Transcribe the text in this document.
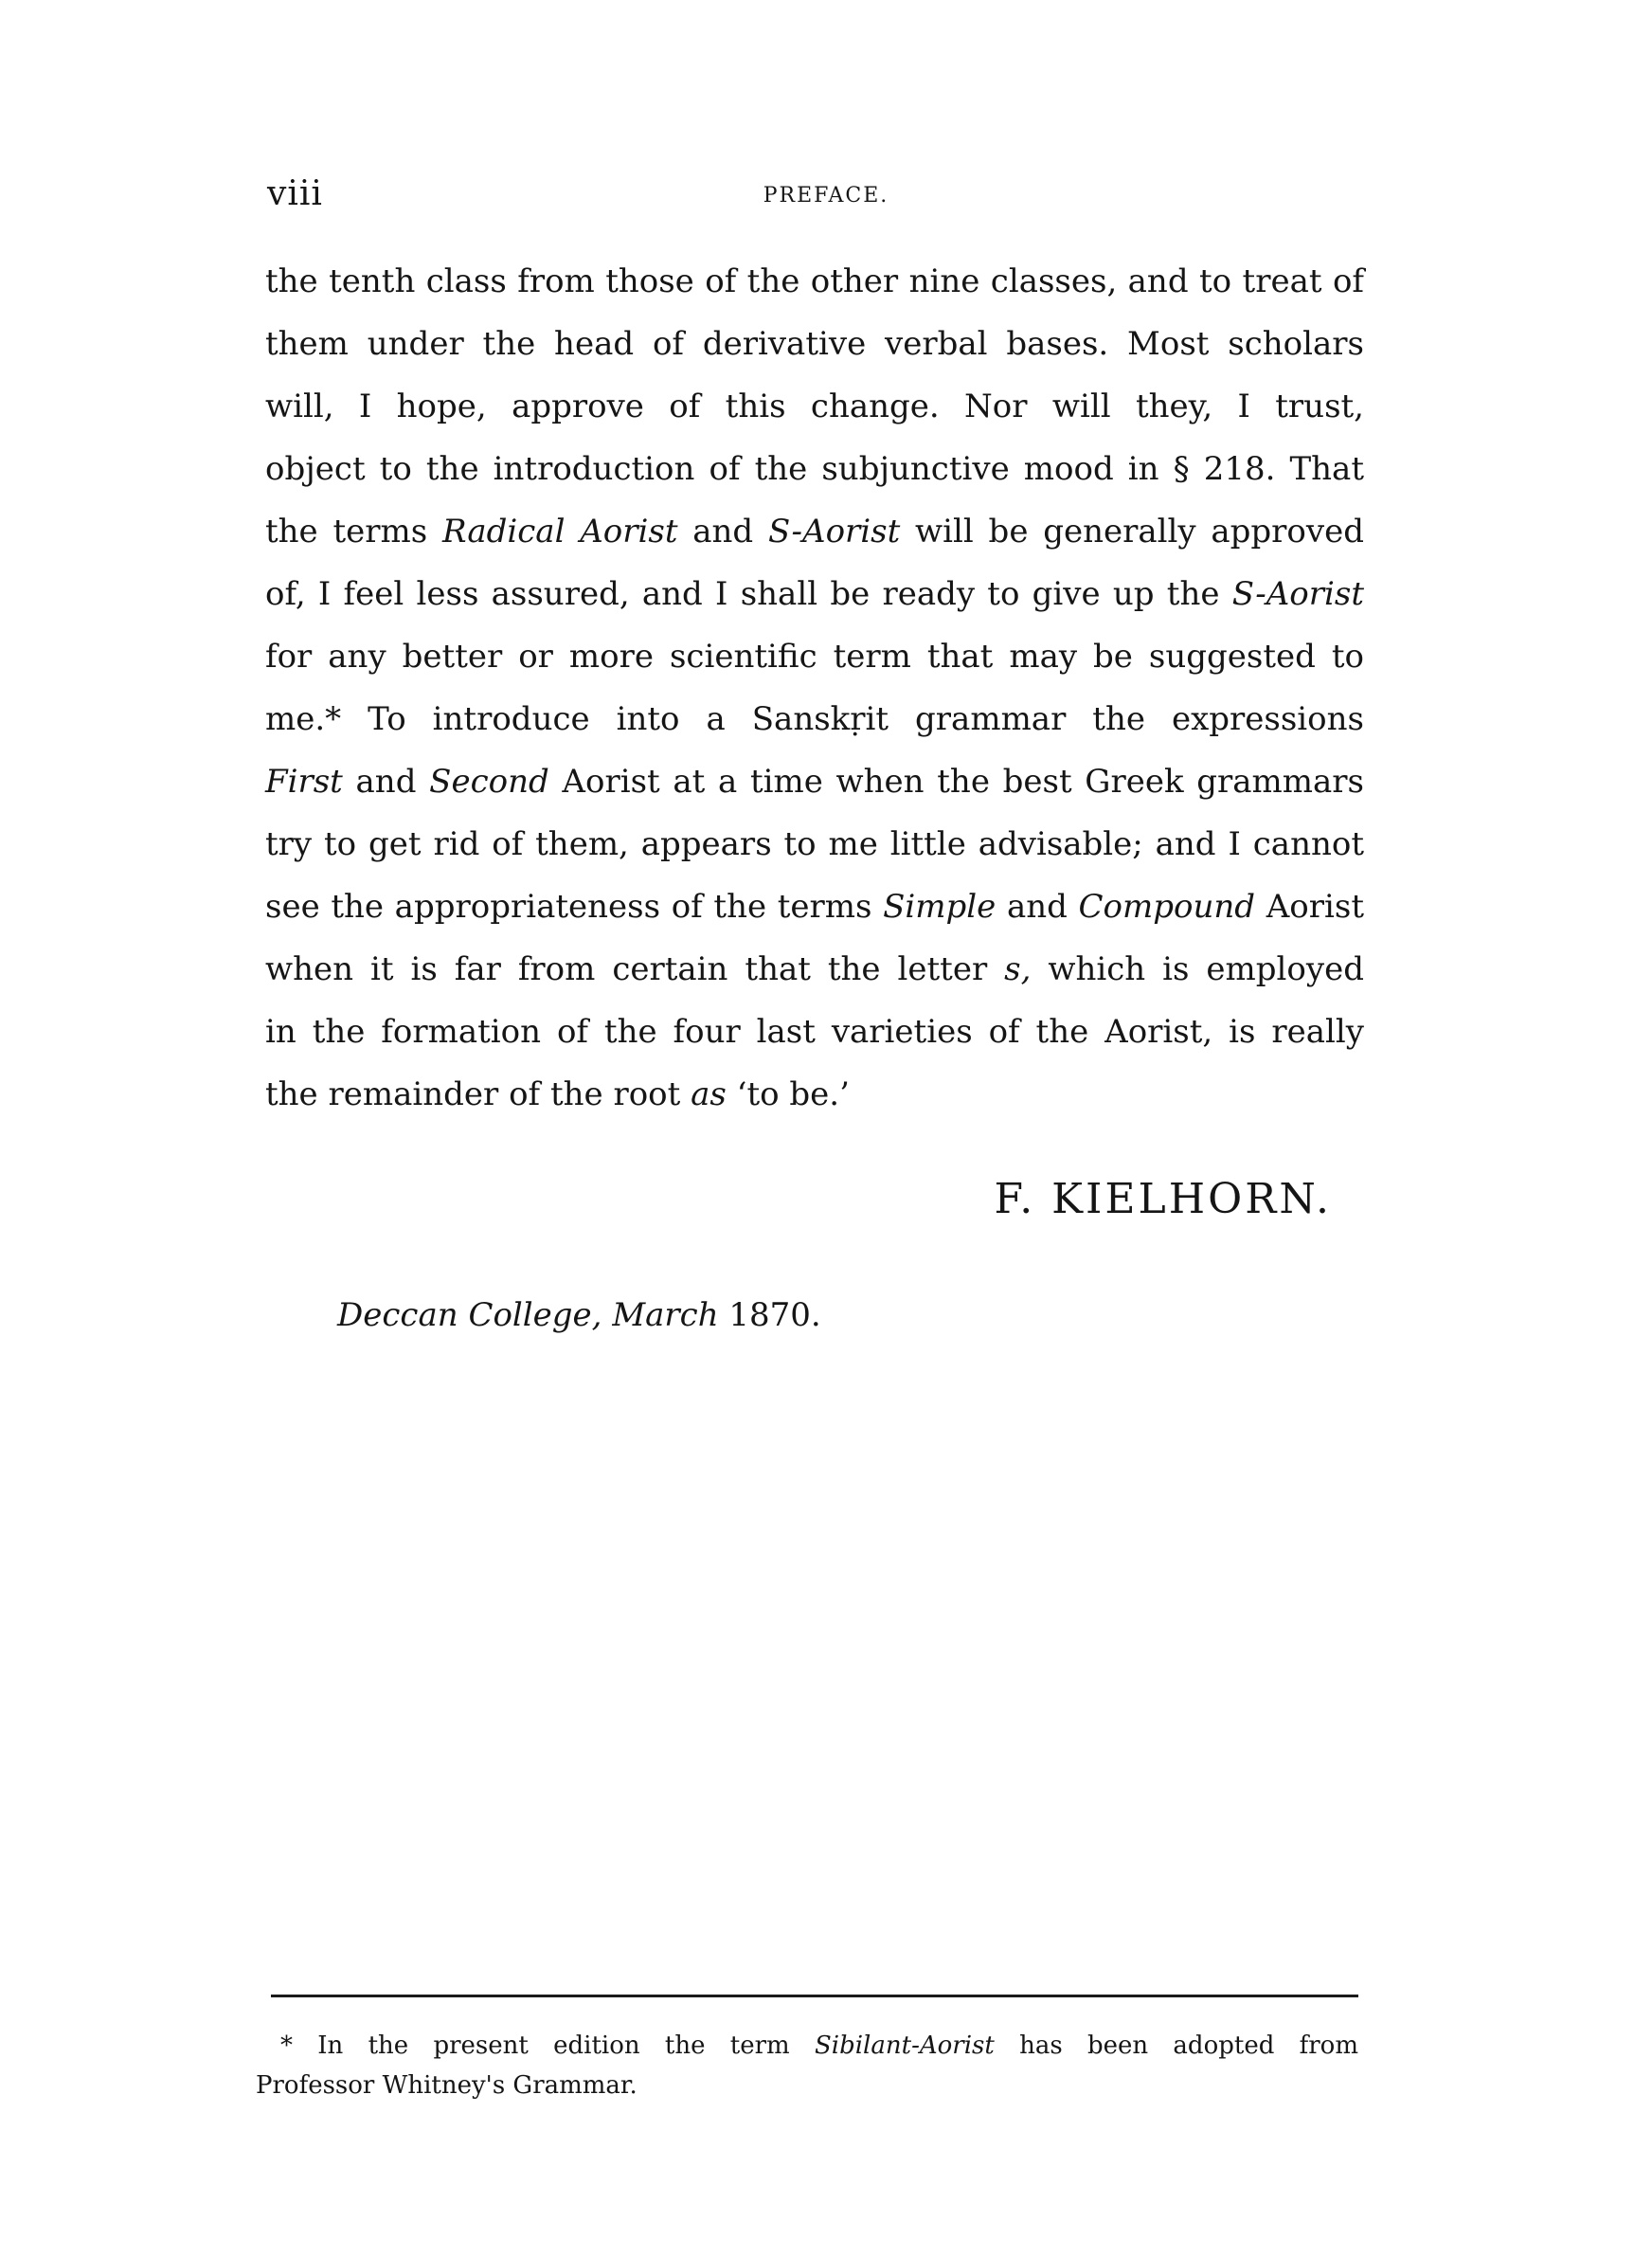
viii	PREFACE.
the tenth class from those of the other nine classes, and to treat of
them under the head of derivative verbal bases. Most scholars
will, I hope, approve of this change. Nor will they, I trust,
object to the introduction of the subjunctive mood in § 218. That
the terms Radical Aorist and S-Aorist will be generally approved
of, I feel less assured, and I shall be ready to give up the S-Aorist
for any better or more scientific term that may be suggested to
me.* To introduce into a Sanskṛit grammar the expressions
First and Second Aorist at a time when the best Greek grammars
try to get rid of them, appears to me little advisable; and I cannot
see the appropriateness of the terms Simple and Compound Aorist
when it is far from certain that the letter s, which is employed
in the formation of the four last varieties of the Aorist, is really
the remainder of the root as ‘to be.’
F. KIELHORN.
Deccan College, March 1870.
* In the present edition the term Sibilant-Aorist has been adopted from
Professor Whitney's Grammar.
